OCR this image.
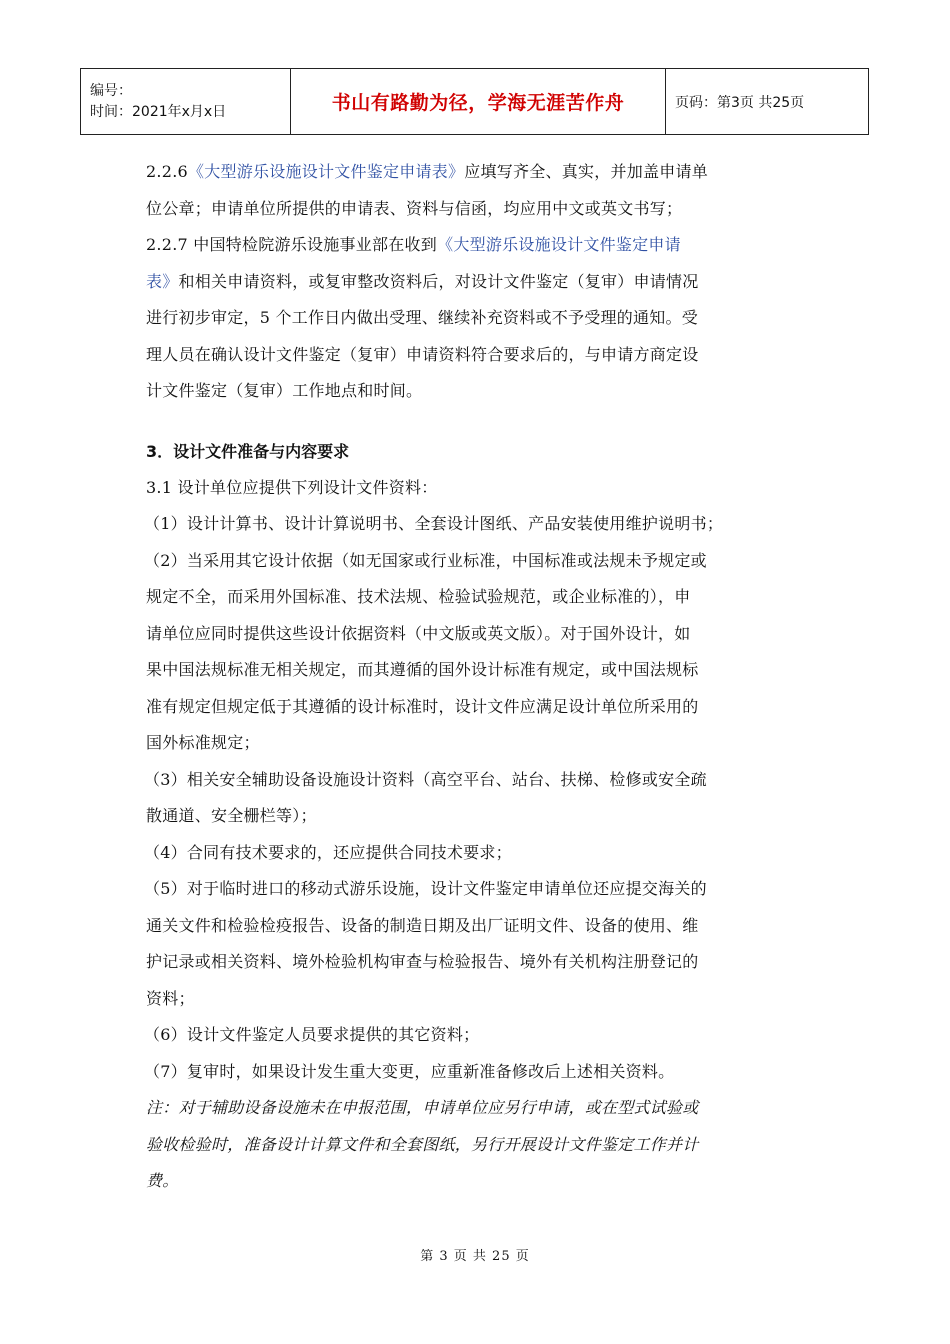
编号：
时间：2021年x月x日	书山有路勤为径，学海无涯苦作舟	页码：第3页 共25页

2.2.6《大型游乐设施设计文件鉴定申请表》应填写齐全、真实，并加盖申请单

位公章；申请单位所提供的申请表、资料与信函，均应用中文或英文书写；

2.2.7 中国特检院游乐设施事业部在收到《大型游乐设施设计文件鉴定申请

表》和相关申请资料，或复审整改资料后，对设计文件鉴定（复审）申请情况

进行初步审定，5 个工作日内做出受理、继续补充资料或不予受理的通知。受

理人员在确认设计文件鉴定（复审）申请资料符合要求后的，与申请方商定设

计文件鉴定（复审）工作地点和时间。

3．设计文件准备与内容要求

3.1 设计单位应提供下列设计文件资料：

（1）设计计算书、设计计算说明书、全套设计图纸、产品安装使用维护说明书；

（2）当采用其它设计依据（如无国家或行业标准，中国标准或法规未予规定或

规定不全，而采用外国标准、技术法规、检验试验规范，或企业标准的），申

请单位应同时提供这些设计依据资料（中文版或英文版）。对于国外设计，如

果中国法规标准无相关规定，而其遵循的国外设计标准有规定，或中国法规标

准有规定但规定低于其遵循的设计标准时，设计文件应满足设计单位所采用的

国外标准规定；

（3）相关安全辅助设备设施设计资料（高空平台、站台、扶梯、检修或安全疏

散通道、安全栅栏等）；

（4）合同有技术要求的，还应提供合同技术要求；

（5）对于临时进口的移动式游乐设施，设计文件鉴定申请单位还应提交海关的

通关文件和检验检疫报告、设备的制造日期及出厂证明文件、设备的使用、维

护记录或相关资料、境外检验机构审查与检验报告、境外有关机构注册登记的

资料；

（6）设计文件鉴定人员要求提供的其它资料；

（7）复审时，如果设计发生重大变更，应重新准备修改后上述相关资料。

注：对于辅助设备设施未在申报范围，申请单位应另行申请，或在型式试验或

验收检验时，准备设计计算文件和全套图纸，另行开展设计文件鉴定工作并计

费。

第 3 页 共 25 页
